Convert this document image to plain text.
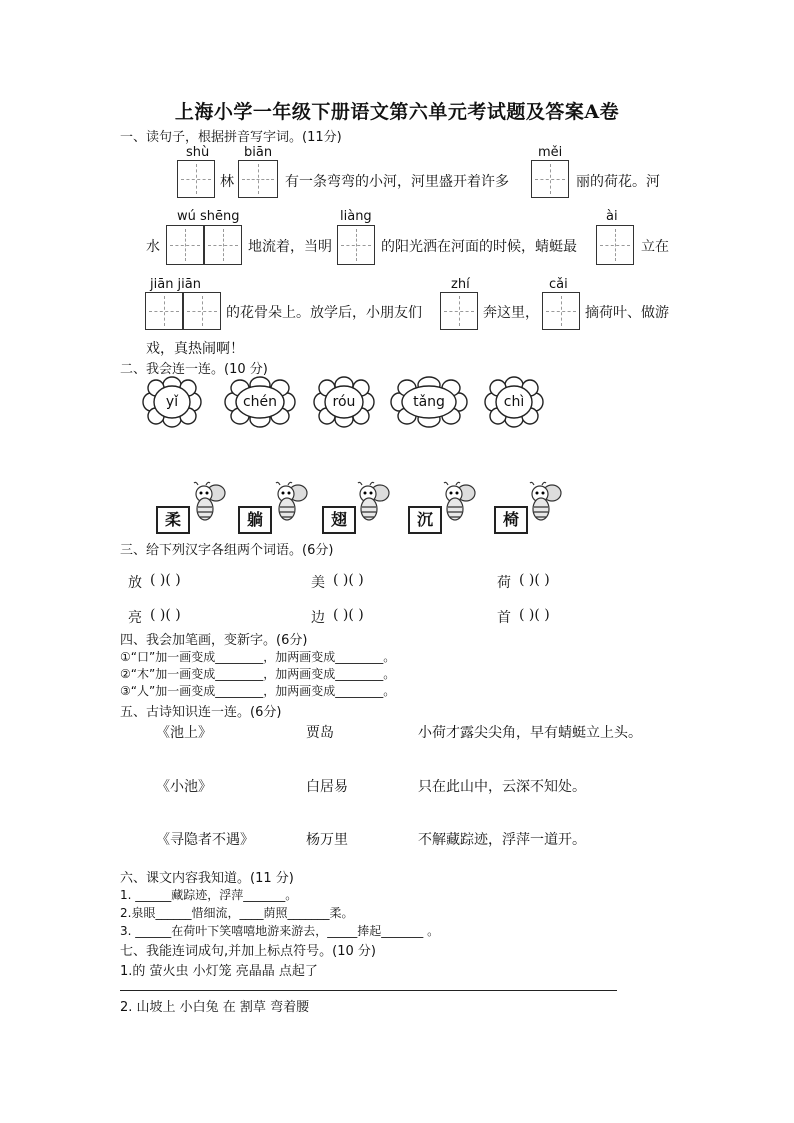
上海小学一年级下册语文第六单元考试题及答案A卷
一、读句子，根据拼音写字词。(11分)
shù	biān	měi
林	有一条弯弯的小河，河里盛开着许多	丽的荷花。河
wú shēng	liàng	ài
水	地流着，当明	的阳光洒在河面的时候，蜻蜓最	立在
jiān jiān	zhí	cǎi
的花骨朵上。放学后，小朋友们	奔这里，	摘荷叶、做游
戏，真热闹啊！
二、我会连一连。(10 分)
yǐ	chén	róu	tǎng	chì
柔	躺	翅	沉	椅
三、给下列汉字各组两个词语。(6分)
放 ( )( )	美 ( )( )	荷 ( )( )
亮 ( )( )	边 ( )( )	首 ( )( )
四、我会加笔画，变新字。(6分)
①“口”加一画变成________，加两画变成________。
②“木”加一画变成________，加两画变成________。
③“人”加一画变成________，加两画变成________。
五、古诗知识连一连。(6分)
《池上》	贾岛	小荷才露尖尖角，早有蜻蜓立上头。
《小池》	白居易	只在此山中，云深不知处。
《寻隐者不遇》	杨万里	不解藏踪迹，浮萍一道开。
六、课文内容我知道。(11 分)
1. ______藏踪迹，浮萍_______。
2.泉眼______惜细流，____荫照_______柔。
3. ______在荷叶下笑嘻嘻地游来游去，_____捧起_______ 。
七、我能连词成句,并加上标点符号。(10 分)
1.的 萤火虫 小灯笼 亮晶晶 点起了
2. 山坡上 小白兔 在 割草 弯着腰
